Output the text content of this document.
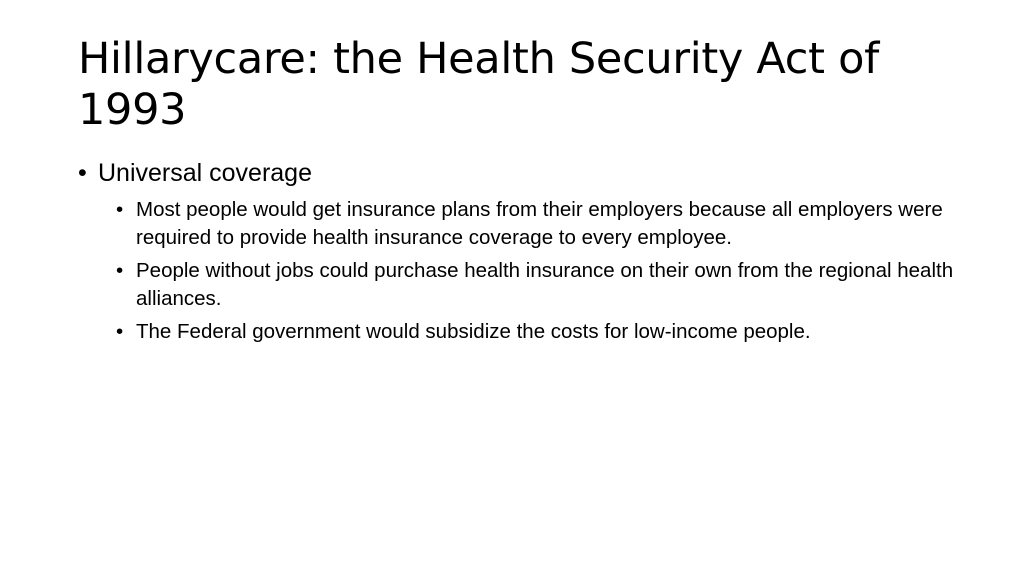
Hillarycare: the Health Security Act of 1993
• Universal coverage
• Most people would get insurance plans from their employers because all employers were required to provide health insurance coverage to every employee.
• People without jobs could purchase health insurance on their own from the regional health alliances.
• The Federal government would subsidize the costs for low-income people.
